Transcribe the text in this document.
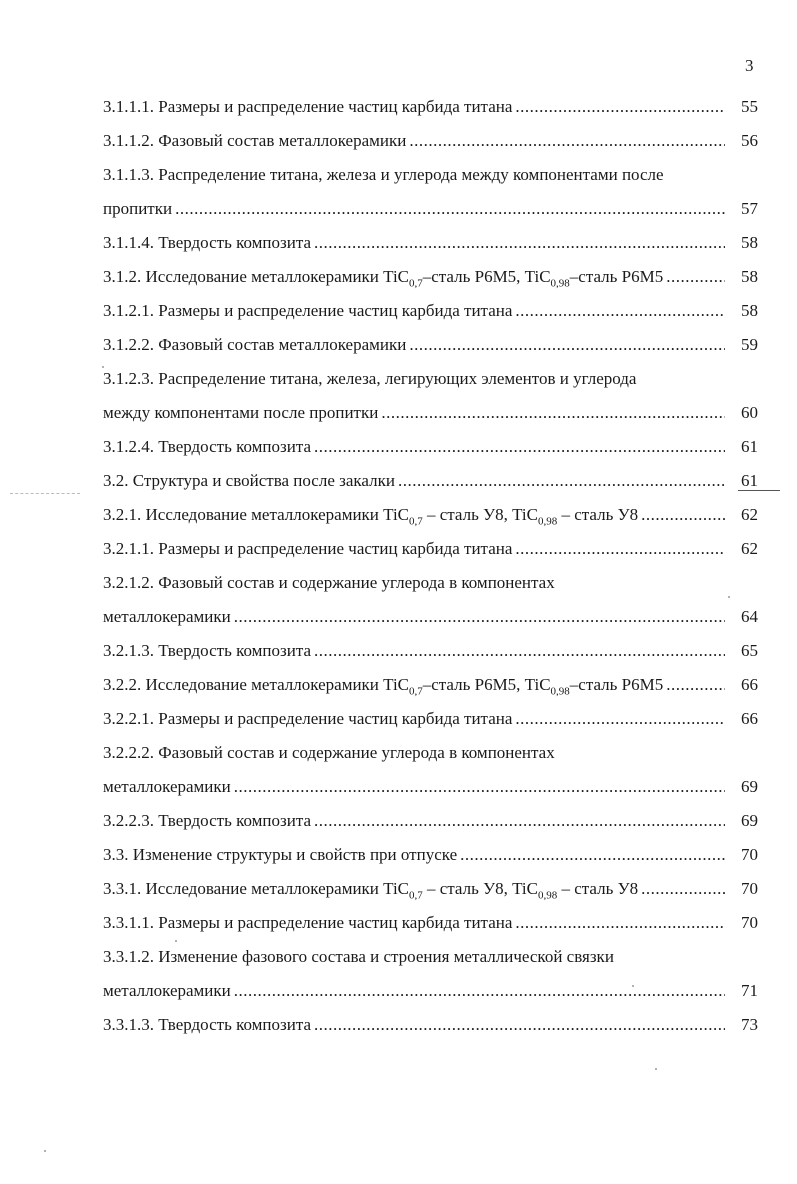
3
3.1.1.1. Размеры и распределение частиц карбида титана .....	55
3.1.1.2. Фазовый состав металлокерамики .....	56
3.1.1.3. Распределение титана, железа и углерода между компонентами после
пропитки .....	57
3.1.1.4. Твердость композита .....	58
3.1.2. Исследование металлокерамики TiC$_{0,7}$–сталь Р6М5, TiC$_{0,98}$–сталь Р6М5 .....	58
3.1.2.1. Размеры и распределение частиц карбида титана .....	58
3.1.2.2. Фазовый состав металлокерамики .....	59
3.1.2.3. Распределение титана, железа, легирующих элементов и углерода
между компонентами после пропитки .....	60
3.1.2.4. Твердость композита .....	61
3.2. Структура и свойства после закалки .....	61
3.2.1. Исследование металлокерамики TiC$_{0,7}$ – сталь У8, TiC$_{0,98}$ – сталь У8 .....	62
3.2.1.1. Размеры и распределение частиц карбида титана .....	62
3.2.1.2. Фазовый состав и содержание углерода в компонентах
металлокерамики .....	64
3.2.1.3. Твердость композита .....	65
3.2.2. Исследование металлокерамики TiC$_{0,7}$–сталь Р6М5, TiC$_{0,98}$–сталь Р6М5 .....	66
3.2.2.1. Размеры и распределение частиц карбида титана .....	66
3.2.2.2. Фазовый состав и содержание углерода в компонентах
металлокерамики .....	69
3.2.2.3. Твердость композита .....	69
3.3. Изменение структуры и свойств при отпуске .....	70
3.3.1. Исследование металлокерамики TiC$_{0,7}$ – сталь У8, TiC$_{0,98}$ – сталь У8 .....	70
3.3.1.1. Размеры и распределение частиц карбида титана .....	70
3.3.1.2. Изменение фазового состава и строения металлической связки
металлокерамики .....	71
3.3.1.3. Твердость композита .....	73
